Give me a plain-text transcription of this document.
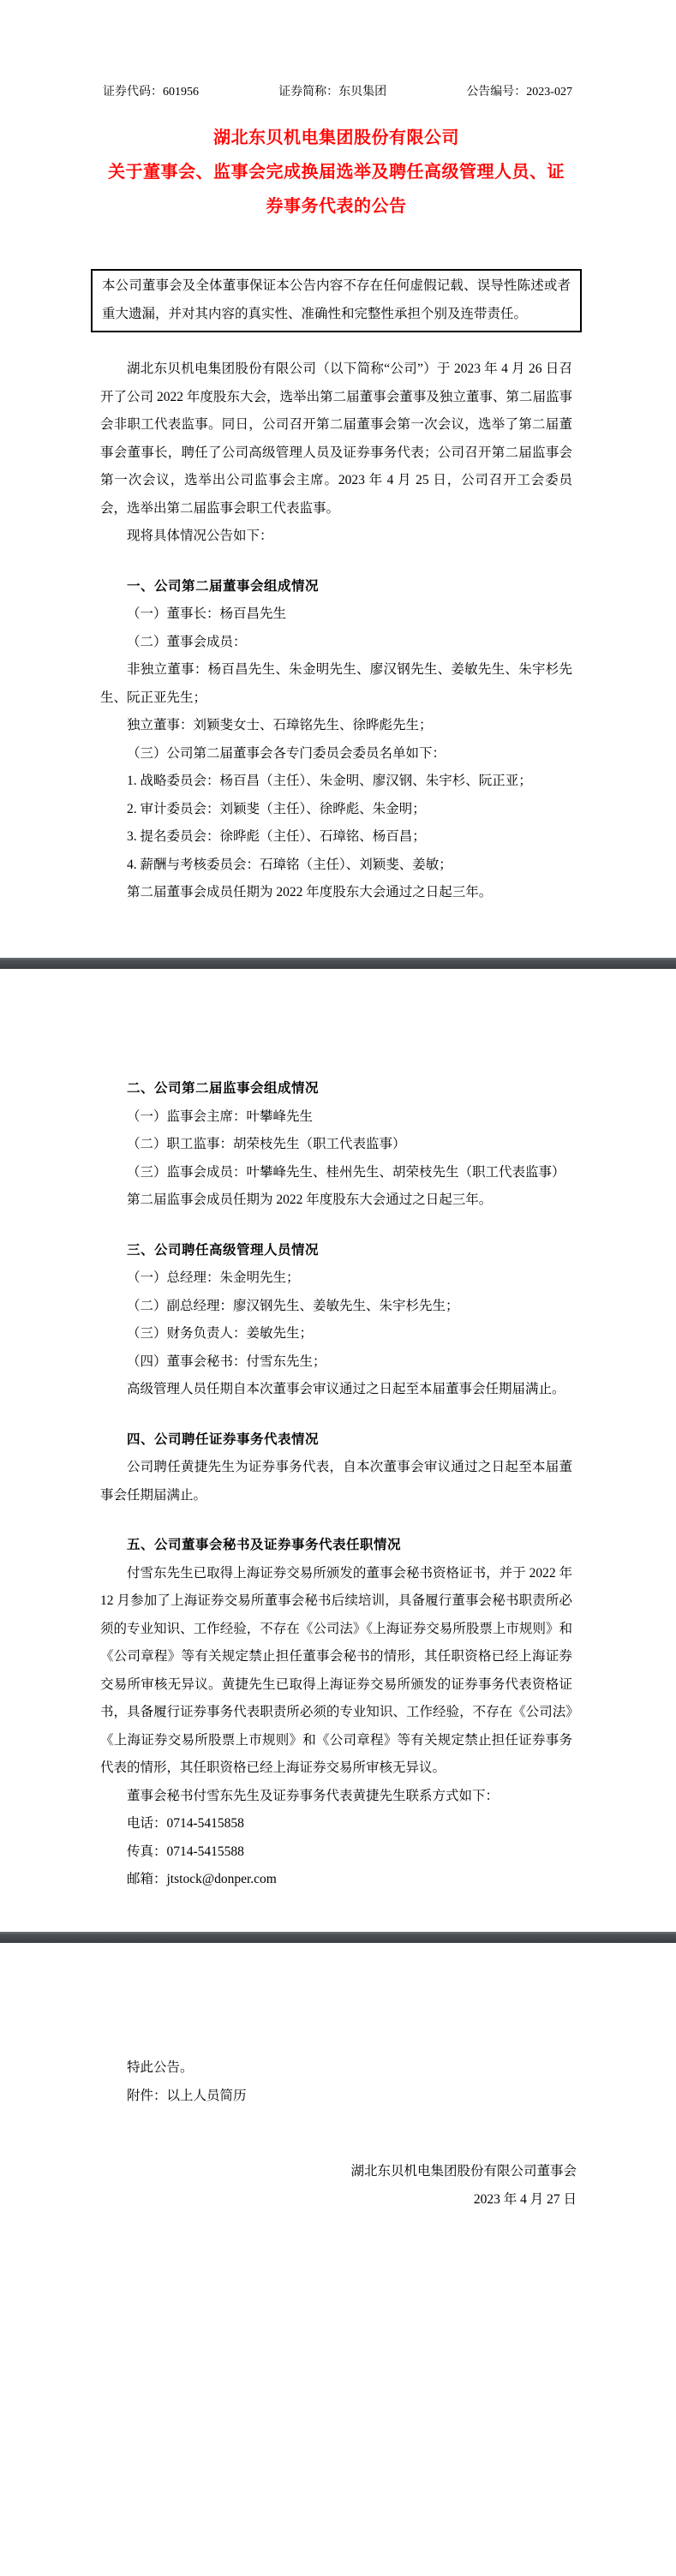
证券代码：601956	证券简称：东贝集团	公告编号：2023-027
湖北东贝机电集团股份有限公司
关于董事会、监事会完成换届选举及聘任高级管理人员、证
券事务代表的公告

本公司董事会及全体董事保证本公告内容不存在任何虚假记载、误导性陈述或者重大遗漏，并对其内容的真实性、准确性和完整性承担个别及连带责任。

湖北东贝机电集团股份有限公司（以下简称“公司”）于 2023 年 4 月 26 日召开了公司 2022 年度股东大会，选举出第二届董事会董事及独立董事、第二届监事会非职工代表监事。同日，公司召开第二届董事会第一次会议，选举了第二届董事会董事长，聘任了公司高级管理人员及证券事务代表；公司召开第二届监事会第一次会议，选举出公司监事会主席。2023 年 4 月 25 日，公司召开工会委员会，选举出第二届监事会职工代表监事。

现将具体情况公告如下：

一、公司第二届董事会组成情况

（一）董事长：杨百昌先生

（二）董事会成员：

非独立董事：杨百昌先生、朱金明先生、廖汉钢先生、姜敏先生、朱宇杉先生、阮正亚先生；

独立董事：刘颖斐女士、石璋铭先生、徐晔彪先生；

（三）公司第二届董事会各专门委员会委员名单如下：

1. 战略委员会：杨百昌（主任）、朱金明、廖汉钢、朱宇杉、阮正亚；

2. 审计委员会：刘颖斐（主任）、徐晔彪、朱金明；

3. 提名委员会：徐晔彪（主任）、石璋铭、杨百昌；

4. 薪酬与考核委员会：石璋铭（主任）、刘颖斐、姜敏；

第二届董事会成员任期为 2022 年度股东大会通过之日起三年。

二、公司第二届监事会组成情况

（一）监事会主席：叶攀峰先生

（二）职工监事：胡荣枝先生（职工代表监事）

（三）监事会成员：叶攀峰先生、桂州先生、胡荣枝先生（职工代表监事）

第二届监事会成员任期为 2022 年度股东大会通过之日起三年。

三、公司聘任高级管理人员情况

（一）总经理：朱金明先生；

（二）副总经理：廖汉钢先生、姜敏先生、朱宇杉先生；

（三）财务负责人：姜敏先生；

（四）董事会秘书：付雪东先生；

高级管理人员任期自本次董事会审议通过之日起至本届董事会任期届满止。

四、公司聘任证券事务代表情况

公司聘任黄捷先生为证券事务代表，自本次董事会审议通过之日起至本届董事会任期届满止。

五、公司董事会秘书及证券事务代表任职情况

付雪东先生已取得上海证券交易所颁发的董事会秘书资格证书，并于 2022 年 12 月参加了上海证券交易所董事会秘书后续培训，具备履行董事会秘书职责所必须的专业知识、工作经验，不存在《公司法》《上海证券交易所股票上市规则》和《公司章程》等有关规定禁止担任董事会秘书的情形，其任职资格已经上海证券交易所审核无异议。黄捷先生已取得上海证券交易所颁发的证券事务代表资格证书，具备履行证券事务代表职责所必须的专业知识、工作经验，不存在《公司法》《上海证券交易所股票上市规则》和《公司章程》等有关规定禁止担任证券事务代表的情形，其任职资格已经上海证券交易所审核无异议。

董事会秘书付雪东先生及证券事务代表黄捷先生联系方式如下：

电话：0714-5415858

传真：0714-5415588

邮箱：jtstock@donper.com

特此公告。

附件：以上人员简历

湖北东贝机电集团股份有限公司董事会

2023 年 4 月 27 日
